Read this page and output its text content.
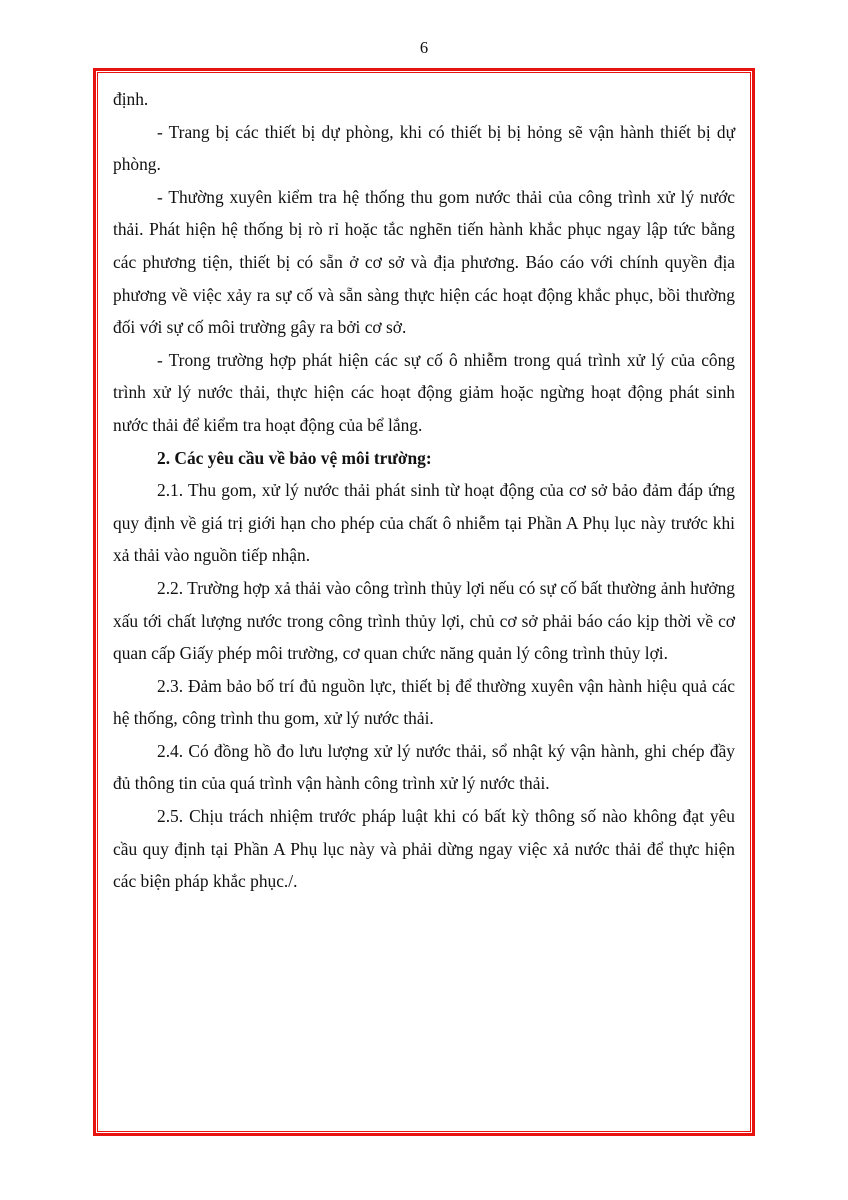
6

định.

- Trang bị các thiết bị dự phòng, khi có thiết bị bị hỏng sẽ vận hành thiết bị dự phòng.

- Thường xuyên kiểm tra hệ thống thu gom nước thải của công trình xử lý nước thải. Phát hiện hệ thống bị rò rỉ hoặc tắc nghẽn tiến hành khắc phục ngay lập tức bằng các phương tiện, thiết bị có sẵn ở cơ sở và địa phương. Báo cáo với chính quyền địa phương về việc xảy ra sự cố và sẵn sàng thực hiện các hoạt động khắc phục, bồi thường đối với sự cố môi trường gây ra bởi cơ sở.

- Trong trường hợp phát hiện các sự cố ô nhiễm trong quá trình xử lý của công trình xử lý nước thải, thực hiện các hoạt động giảm hoặc ngừng hoạt động phát sinh nước thải để kiểm tra hoạt động của bể lắng.

2. Các yêu cầu về bảo vệ môi trường:

2.1. Thu gom, xử lý nước thải phát sinh từ hoạt động của cơ sở bảo đảm đáp ứng quy định về giá trị giới hạn cho phép của chất ô nhiễm tại Phần A Phụ lục này trước khi xả thải vào nguồn tiếp nhận.

2.2. Trường hợp xả thải vào công trình thủy lợi nếu có sự cố bất thường ảnh hưởng xấu tới chất lượng nước trong công trình thủy lợi, chủ cơ sở phải báo cáo kịp thời về cơ quan cấp Giấy phép môi trường, cơ quan chức năng quản lý công trình thủy lợi.

2.3. Đảm bảo bố trí đủ nguồn lực, thiết bị để thường xuyên vận hành hiệu quả các hệ thống, công trình thu gom, xử lý nước thải.

2.4. Có đồng hồ đo lưu lượng xử lý nước thải, sổ nhật ký vận hành, ghi chép đầy đủ thông tin của quá trình vận hành công trình xử lý nước thải.

2.5. Chịu trách nhiệm trước pháp luật khi có bất kỳ thông số nào không đạt yêu cầu quy định tại Phần A Phụ lục này và phải dừng ngay việc xả nước thải để thực hiện các biện pháp khắc phục./.
